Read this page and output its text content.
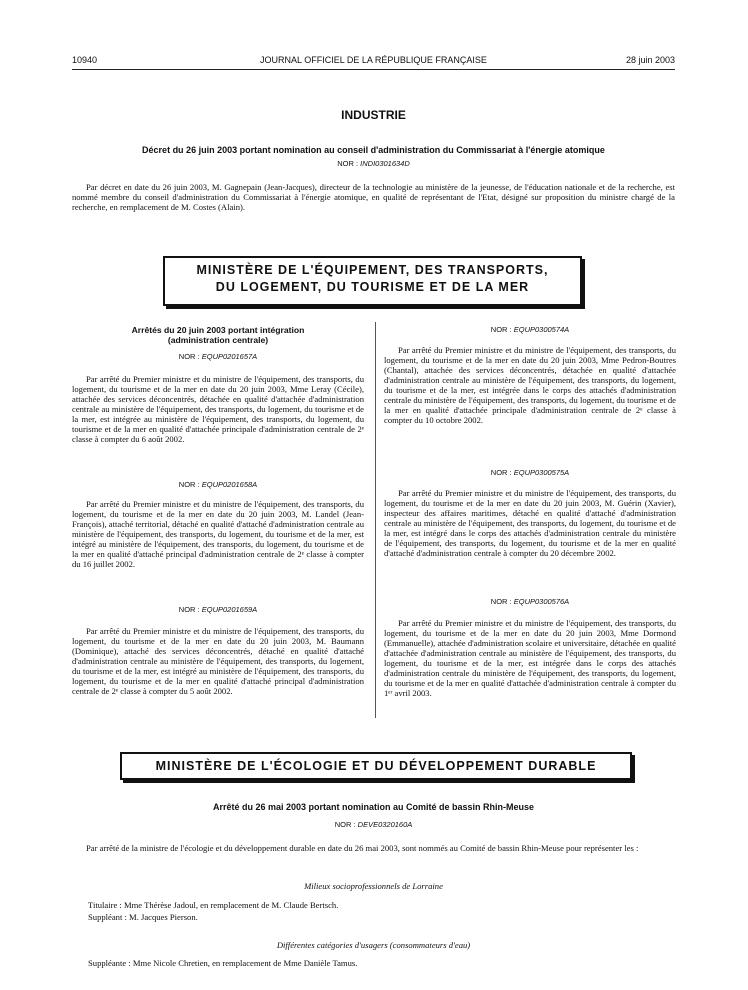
10940	JOURNAL OFFICIEL DE LA RÉPUBLIQUE FRANÇAISE	28 juin 2003
INDUSTRIE
Décret du 26 juin 2003 portant nomination au conseil d'administration du Commissariat à l'énergie atomique
NOR : INDI0301634D

Par décret en date du 26 juin 2003, M. Gagnepain (Jean-Jacques), directeur de la technologie au ministère de la jeunesse, de l'éducation nationale et de la recherche, est nommé membre du conseil d'administration du Commissariat à l'énergie atomique, en qualité de représentant de l'Etat, désigné sur proposition du ministre chargé de la recherche, en remplacement de M. Costes (Alain).

MINISTÈRE DE L'ÉQUIPEMENT, DES TRANSPORTS,
DU LOGEMENT, DU TOURISME ET DE LA MER
Arrêtés du 20 juin 2003 portant intégration
(administration centrale)
NOR : EQUP0201657A

Par arrêté du Premier ministre et du ministre de l'équipement, des transports, du logement, du tourisme et de la mer en date du 20 juin 2003, Mme Leray (Cécile), attachée des services déconcentrés, détachée en qualité d'attachée d'administration centrale au ministère de l'équipement, des transports, du logement, du tourisme et de la mer, est intégrée au ministère de l'équipement, des transports, du logement, du tourisme et de la mer en qualité d'attachée principale d'administration centrale de 2ᵉ classe à compter du 6 août 2002.

NOR : EQUP0201658A

Par arrêté du Premier ministre et du ministre de l'équipement, des transports, du logement, du tourisme et de la mer en date du 20 juin 2003, M. Landel (Jean-François), attaché territorial, détaché en qualité d'attaché d'administration centrale au ministère de l'équipement, des transports, du logement, du tourisme et de la mer, est intégré au ministère de l'équipement, des transports, du logement, du tourisme et de la mer en qualité d'attaché principal d'administration centrale de 2ᵉ classe à compter du 16 juillet 2002.

NOR : EQUP0201659A

Par arrêté du Premier ministre et du ministre de l'équipement, des transports, du logement, du tourisme et de la mer en date du 20 juin 2003, M. Baumann (Dominique), attaché des services déconcentrés, détaché en qualité d'attaché d'administration centrale au ministère de l'équipement, des transports, du logement, du tourisme et de la mer, est intégré au ministère de l'équipement, des transports, du logement, du tourisme et de la mer en qualité d'attaché principal d'administration centrale de 2ᵉ classe à compter du 5 août 2002.

NOR : EQUP0300574A

Par arrêté du Premier ministre et du ministre de l'équipement, des transports, du logement, du tourisme et de la mer en date du 20 juin 2003, Mme Pedron-Boutres (Chantal), attachée des services déconcentrés, détachée en qualité d'attachée d'administration centrale au ministère de l'équipement, des transports, du logement, du tourisme et de la mer, est intégrée dans le corps des attachés d'administration centrale du ministère de l'équipement, des transports, du logement, du tourisme et de la mer en qualité d'attachée principale d'administration centrale de 2ᵉ classe à compter du 10 octobre 2002.

NOR : EQUP0300575A

Par arrêté du Premier ministre et du ministre de l'équipement, des transports, du logement, du tourisme et de la mer en date du 20 juin 2003, M. Guérin (Xavier), inspecteur des affaires maritimes, détaché en qualité d'attaché d'administration centrale au ministère de l'équipement, des transports, du logement, du tourisme et de la mer, est intégré dans le corps des attachés d'administration centrale du ministère de l'équipement, des transports, du logement, du tourisme et de la mer en qualité d'attaché d'administration centrale à compter du 20 décembre 2002.

NOR : EQUP0300576A

Par arrêté du Premier ministre et du ministre de l'équipement, des transports, du logement, du tourisme et de la mer en date du 20 juin 2003, Mme Dormond (Emmanuelle), attachée d'administration scolaire et universitaire, détachée en qualité d'attachée d'administration centrale au ministère de l'équipement, des transports, du logement, du tourisme et de la mer, est intégrée dans le corps des attachés d'administration centrale du ministère de l'équipement, des transports, du logement, du tourisme et de la mer en qualité d'attachée d'administration centrale à compter du 1ᵉʳ avril 2003.

MINISTÈRE DE L'ÉCOLOGIE ET DU DÉVELOPPEMENT DURABLE
Arrêté du 26 mai 2003 portant nomination au Comité de bassin Rhin-Meuse
NOR : DEVE0320160A

Par arrêté de la ministre de l'écologie et du développement durable en date du 26 mai 2003, sont nommés au Comité de bassin Rhin-Meuse pour représenter les :

Milieux socioprofessionnels de Lorraine
Titulaire : Mme Thérèse Jadoul, en remplacement de M. Claude Bertsch.
Suppléant : M. Jacques Pierson.
Différentes catégories d'usagers (consommateurs d'eau)
Suppléante : Mme Nicole Chretien, en remplacement de Mme Danièle Tamus.
